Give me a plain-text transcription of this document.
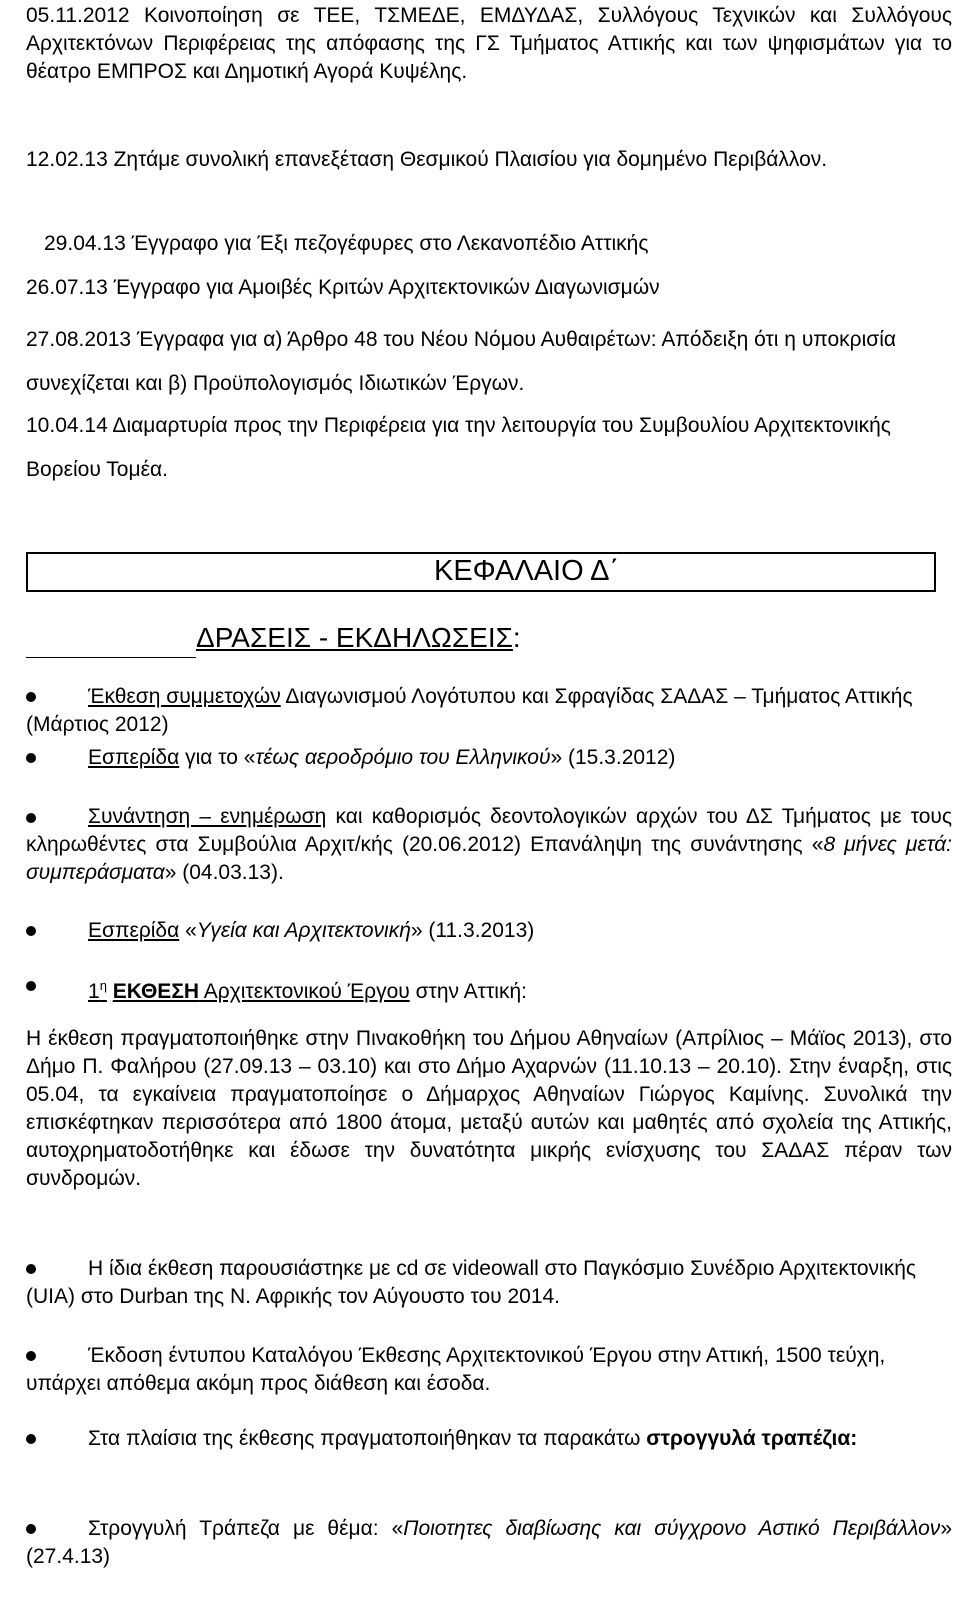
05.11.2012 Κοινοποίηση σε ΤΕΕ, ΤΣΜΕΔΕ, ΕΜΔΥΔΑΣ, Συλλόγους Τεχνικών και Συλλόγους Αρχιτεκτόνων Περιφέρειας της απόφασης της ΓΣ Τμήματος Αττικής και των ψηφισμάτων για το θέατρο ΕΜΠΡΟΣ και Δημοτική Αγορά Κυψέλης.

12.02.13 Ζητάμε συνολική επανεξέταση Θεσμικού Πλαισίου για δομημένο Περιβάλλον.

29.04.13 Έγγραφο για Έξι πεζογέφυρες στο Λεκανοπέδιο Αττικής

26.07.13 Έγγραφο για Αμοιβές Κριτών Αρχιτεκτονικών Διαγωνισμών

27.08.2013 Έγγραφα για α) Άρθρο 48 του Νέου Νόμου Αυθαιρέτων: Απόδειξη ότι η υποκρισία συνεχίζεται και β) Προϋπολογισμός Ιδιωτικών Έργων.

10.04.14 Διαμαρτυρία προς την Περιφέρεια για την λειτουργία του Συμβουλίου Αρχιτεκτονικής Βορείου Τομέα.

ΚΕΦΑΛΑΙΟ Δ΄
ΔΡΑΣΕΙΣ - ΕΚΔΗΛΩΣΕΙΣ:
Έκθεση συμμετοχών Διαγωνισμού Λογότυπου και Σφραγίδας ΣΑΔΑΣ – Τμήματος Αττικής (Μάρτιος 2012)
Εσπερίδα για το «τέως αεροδρόμιο του Ελληνικού» (15.3.2012)
Συνάντηση – ενημέρωση και καθορισμός δεοντολογικών αρχών του ΔΣ Τμήματος με τους κληρωθέντες στα Συμβούλια Αρχιτ/κής (20.06.2012) Επανάληψη της συνάντησης «8 μήνες μετά: συμπεράσματα» (04.03.13).
Εσπερίδα «Υγεία και Αρχιτεκτονική» (11.3.2013)
$1^\eta$ ΕΚΘΕΣΗ Αρχιτεκτονικού Έργου στην Αττική:

Η έκθεση πραγματοποιήθηκε στην Πινακοθήκη του Δήμου Αθηναίων (Απρίλιος – Μάϊος 2013), στο Δήμο Π. Φαλήρου (27.09.13 – 03.10) και στο Δήμο Αχαρνών (11.10.13 – 20.10). Στην έναρξη, στις 05.04, τα εγκαίνεια πραγματοποίησε ο Δήμαρχος Αθηναίων Γιώργος Καμίνης. Συνολικά την επισκέφτηκαν περισσότερα από 1800 άτομα, μεταξύ αυτών και μαθητές από σχολεία της Αττικής, αυτοχρηματοδοτήθηκε και έδωσε την δυνατότητα μικρής ενίσχυσης του ΣΑΔΑΣ πέραν των συνδρομών.

Η ίδια έκθεση παρουσιάστηκε με cd σε videowall στο Παγκόσμιο Συνέδριο Αρχιτεκτονικής (UIA) στο Durban της Ν. Αφρικής τον Αύγουστο του 2014.
Έκδοση έντυπου Καταλόγου Έκθεσης Αρχιτεκτονικού Έργου στην Αττική, 1500 τεύχη, υπάρχει απόθεμα ακόμη προς διάθεση και έσοδα.
Στα πλαίσια της έκθεσης πραγματοποιήθηκαν τα παρακάτω στρογγυλά τραπέζια:
Στρογγυλή Τράπεζα με θέμα: «Ποιοτητες διαβίωσης και σύγχρονο Αστικό Περιβάλλον» (27.4.13)
